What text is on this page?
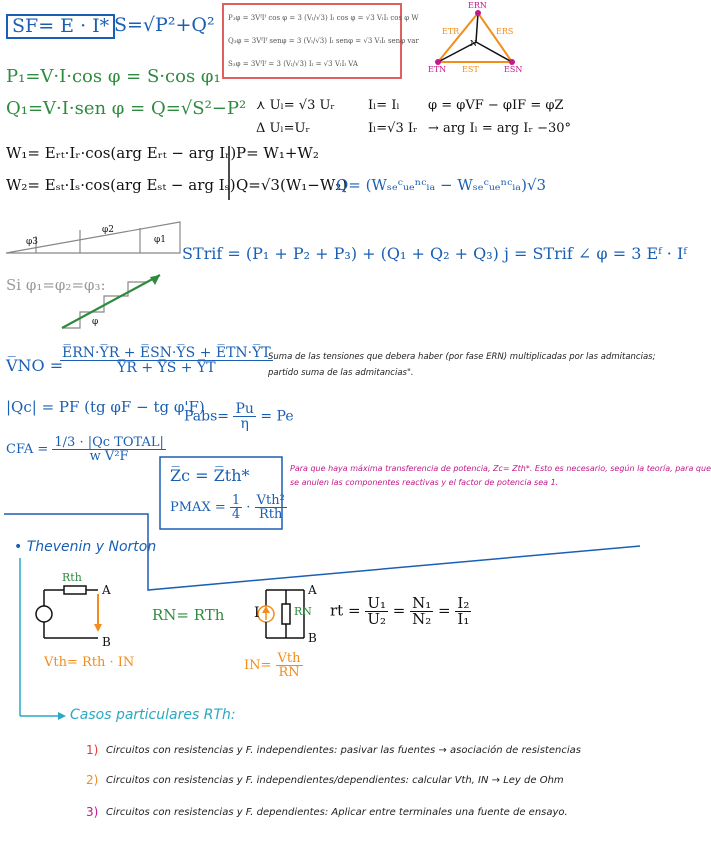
P₃φ = 3VᶠIᶠ cos φ = 3 (Vₗ/√3) Iₗ cos φ = √3 VₗIₗ cos φ W
Q₃φ = 3VᶠIᶠ senφ = 3 (Vₗ/√3) Iₗ senφ = √3 VₗIₗ senφ var
S₃φ = 3VᶠIᶠ = 3 (Vₗ/√3) Iₗ = √3 VₗIₗ VA
S̅F= E̅ · I̅* S=√P²+Q²
ERN
ETR	ERS
N
ETN EST	ESN
P₁=V·I·cos φ = S·cos φ₁
Q₁=V·I·sen φ = Q=√S²−P² ⋏ Uₗ= √3 Uᵣ	Iₗ= Iₗ φ = φVF − φIF = φZ
Δ Uₗ=Uᵣ	Iₗ=√3 Iᵣ → arg Iₗ = arg Iᵣ −30°
W₁= Eᵣₜ·Iᵣ·cos(arg Eᵣₜ − arg Iᵣ) P= W₁+W₂
W₂= Eₛₜ·Iₛ·cos(arg Eₛₜ − arg Iₛ) Q=√3(W₁−W₂)
Q= (Wₛₑᶜᵤₑⁿᶜᵢₐ − Wₛₑᶜᵤₑⁿᶜᵢₐ)√3
φ3
φ2
φ1
STrif = (P₁ + P₂ + P₃) + (Q₁ + Q₂ + Q₃) j = STrif ∠ φ = 3 Eᶠ · Iᶠ
Si φ₁=φ₂=φ₃:
φ
V̅NO =
$\frac{E̅RN\cdot Y̅R + E̅SN\cdot Y̅S + E̅TN\cdot Y̅T}{Y̅R + Y̅S + Y̅T}$
Suma de las tensiones que debera haber (por fase ERN) multiplicadas por las admitancias;
partido suma de las admitancias".
|Qc| = PF (tg φF − tg φ'F)
Pabs= $\frac{Pu}{\eta} = Pe$
CFA = $\frac{\text{1/3 · |Qc TOTAL|}}{\text{w V²F}}$
Z̅c = Z̅th*
PMAX = $\frac{1}{4} \cdot \frac{\text{Vth²}}{\text{Rth}}$
Para que haya máxima transferencia de potencia, Zc= Zth*. Esto es necesario, según la teoría, para que
se anulen las componentes reactivas y el factor de potencia sea 1.
• Thevenin y Norton
Rth
A
B
Vth= Rth · IN
RN= RTh I	RN
A
B
$IN= \frac{\text{Vth}}{RN}$
rt = $\frac{\text{U₁}}{\text{U₂}} = \frac{\text{N₁}}{\text{N₂}} = \frac{\text{I₂}}{\text{I₁}}$
Casos particulares RTh:
1) Circuitos con resistencias y F. independientes: pasivar las fuentes → asociación de resistencias
2) Circuitos con resistencias y F. independientes/dependientes: calcular Vth, IN → Ley de Ohm
3) Circuitos con resistencias y F. dependientes: Aplicar entre terminales una fuente de ensayo.
